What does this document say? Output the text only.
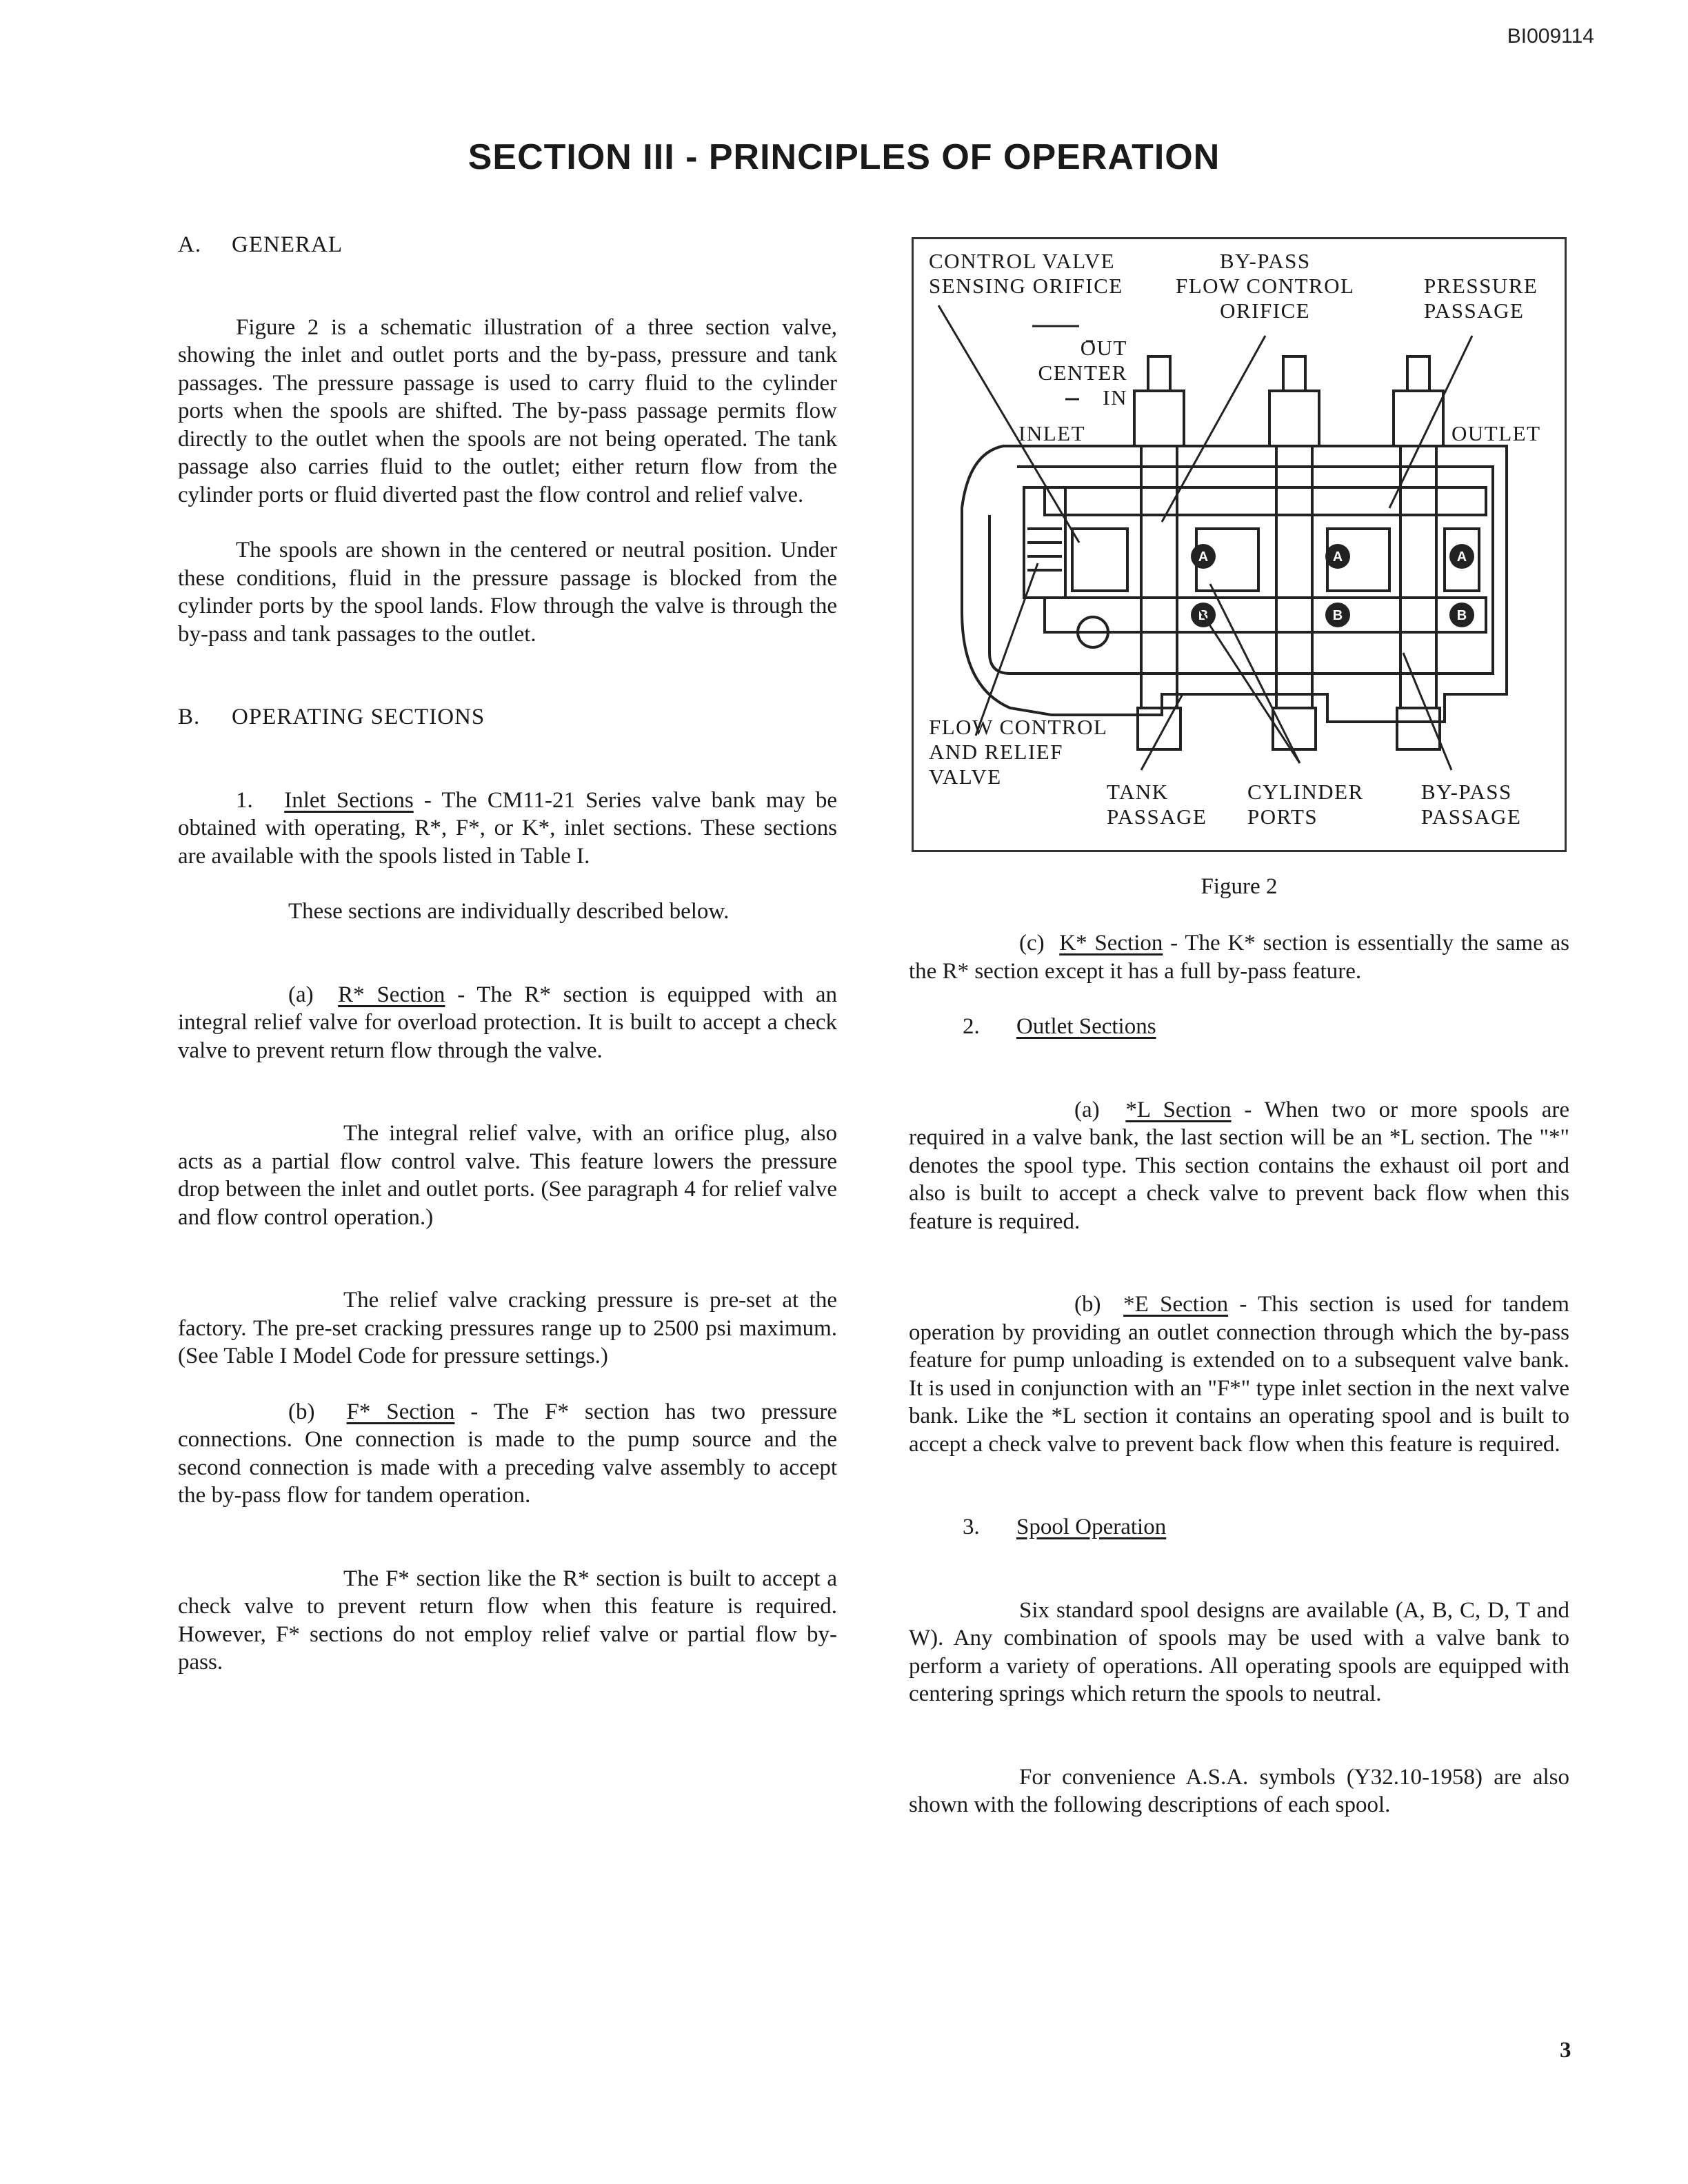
BI009114
SECTION III - PRINCIPLES OF OPERATION

A. GENERAL

Figure 2 is a schematic illustration of a three section valve, showing the inlet and outlet ports and the by-pass, pressure and tank passages. The pressure passage is used to carry fluid to the cylinder ports when the spools are shifted. The by-pass passage permits flow directly to the outlet when the spools are not being operated. The tank passage also carries fluid to the outlet; either return flow from the cylinder ports or fluid diverted past the flow control and relief valve.

The spools are shown in the centered or neutral position. Under these conditions, fluid in the pressure passage is blocked from the cylinder ports by the spool lands. Flow through the valve is through the by-pass and tank passages to the outlet.

B. OPERATING SECTIONS

1. Inlet Sections - The CM11-21 Series valve bank may be obtained with operating, R*, F*, or K*, inlet sections. These sections are available with the spools listed in Table I.

These sections are individually described below.

(a) R* Section - The R* section is equipped with an integral relief valve for overload protection. It is built to accept a check valve to prevent return flow through the valve.

The integral relief valve, with an orifice plug, also acts as a partial flow control valve. This feature lowers the pressure drop between the inlet and outlet ports. (See paragraph 4 for relief valve and flow control operation.)

The relief valve cracking pressure is pre-set at the factory. The pre-set cracking pressures range up to 2500 psi maximum. (See Table I Model Code for pressure settings.)

(b) F* Section - The F* section has two pressure connections. One connection is made to the pump source and the second connection is made with a preceding valve assembly to accept the by-pass flow for tandem operation.

The F* section like the R* section is built to accept a check valve to prevent return flow when this feature is required. However, F* sections do not employ relief valve or partial flow by-pass.

A
B
A
B
A
B
CONTROL VALVE
SENSING ORIFICE
BY-PASS
FLOW CONTROL
ORIFICE
PRESSURE
PASSAGE
OUT
CENTER
IN
INLET	OUTLET
FLOW CONTROL
AND RELIEF
VALVE
TANK
PASSAGE
CYLINDER
PORTS
BY-PASS
PASSAGE
Figure 2

(c) K* Section - The K* section is essentially the same as the R* section except it has a full by-pass feature.

2. Outlet Sections

(a) *L Section - When two or more spools are required in a valve bank, the last section will be an *L section. The "*" denotes the spool type. This section contains the exhaust oil port and also is built to accept a check valve to prevent back flow when this feature is required.

(b) *E Section - This section is used for tandem operation by providing an outlet connection through which the by-pass feature for pump unloading is extended on to a subsequent valve bank. It is used in conjunction with an "F*" type inlet section in the next valve bank. Like the *L section it contains an operating spool and is built to accept a check valve to prevent back flow when this feature is required.

3. Spool Operation

Six standard spool designs are available (A, B, C, D, T and W). Any combination of spools may be used with a valve bank to perform a variety of operations. All operating spools are equipped with centering springs which return the spools to neutral.

For convenience A.S.A. symbols (Y32.10-1958) are also shown with the following descriptions of each spool.

3
